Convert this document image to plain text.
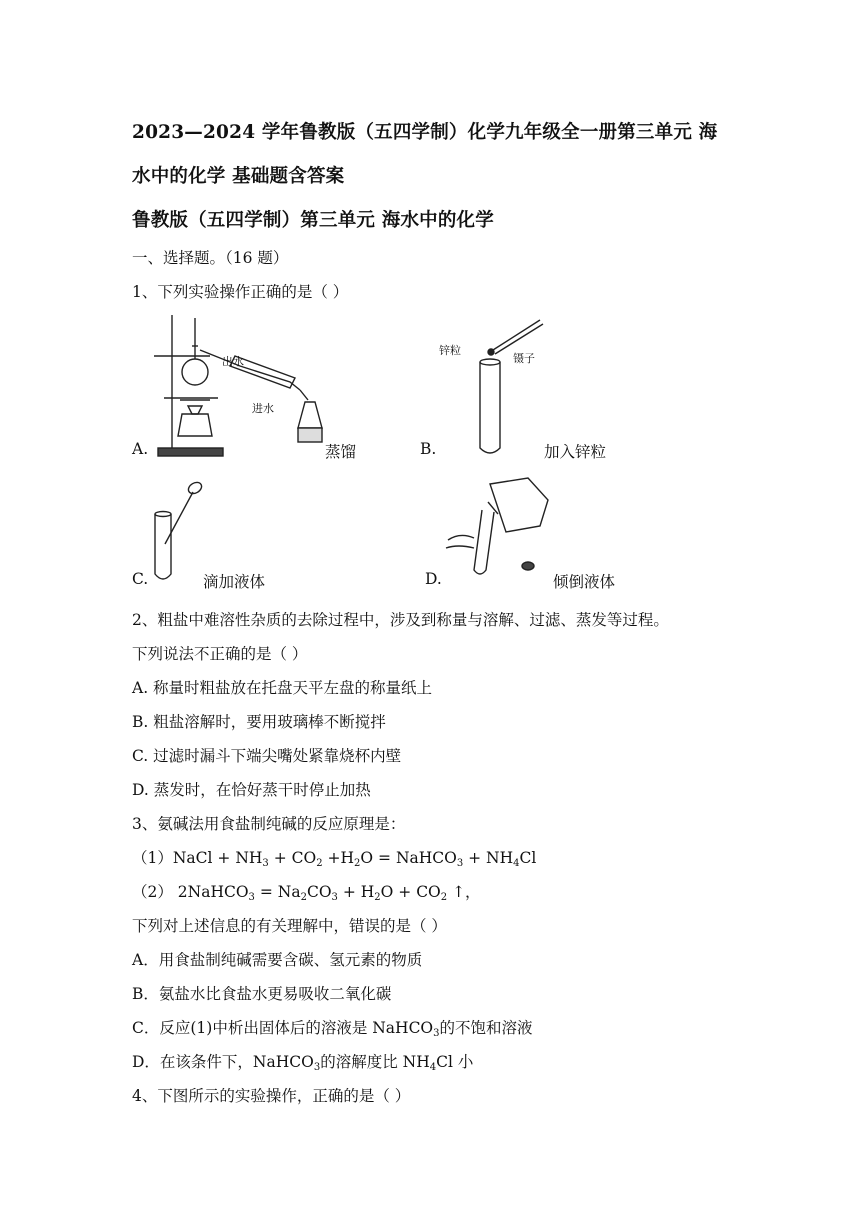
2023—2024 学年鲁教版（五四学制）化学九年级全一册第三单元 海
水中的化学 基础题含答案
鲁教版（五四学制）第三单元 海水中的化学
一、选择题。（16 题）
1、下列实验操作正确的是（ ）
出水
进水
A.	蒸馏
锌粒
镊子
B.	加入锌粒
C.	滴加液体	D.	倾倒液体
2、粗盐中难溶性杂质的去除过程中，涉及到称量与溶解、过滤、蒸发等过程。
下列说法不正确的是（ ）
A. 称量时粗盐放在托盘天平左盘的称量纸上
B. 粗盐溶解时，要用玻璃棒不断搅拌
C. 过滤时漏斗下端尖嘴处紧靠烧杯内壁
D. 蒸发时，在恰好蒸干时停止加热
3、氨碱法用食盐制纯碱的反应原理是：
（1）NaCl + $NH_3 + CO_2 +H_2O$ = NaHCO$_3$ + $NH_4Cl$
（2） 2NaHCO$_3$ = $Na_2CO_3 + H_2O + CO_2$ ↑，
下列对上述信息的有关理解中，错误的是（ ）
A．用食盐制纯碱需要含碳、氢元素的物质
B．氨盐水比食盐水更易吸收二氧化碳
C．反应(1)中析出固体后的溶液是 NaHCO$_3$的不饱和溶液
D．在该条件下，NaHCO$_3$的溶解度比 $NH_4Cl$ 小
4、下图所示的实验操作，正确的是（ ）
